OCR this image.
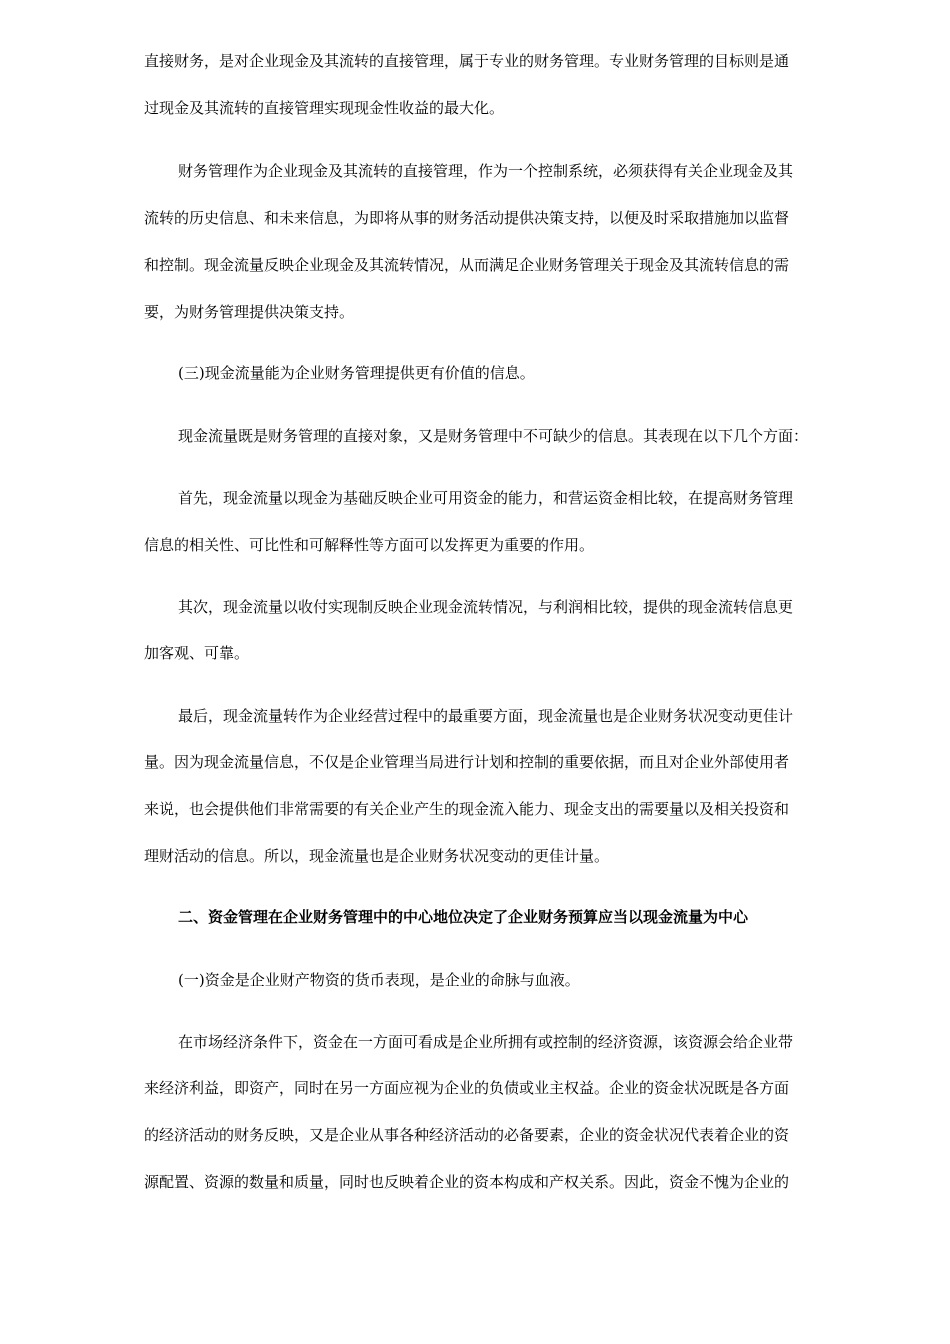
直接财务，是对企业现金及其流转的直接管理，属于专业的财务管理。专业财务管理的目标则是通
过现金及其流转的直接管理实现现金性收益的最大化。
财务管理作为企业现金及其流转的直接管理，作为一个控制系统，必须获得有关企业现金及其
流转的历史信息、和未来信息，为即将从事的财务活动提供决策支持，以便及时采取措施加以监督
和控制。现金流量反映企业现金及其流转情况，从而满足企业财务管理关于现金及其流转信息的需
要，为财务管理提供决策支持。
(三)现金流量能为企业财务管理提供更有价值的信息。
现金流量既是财务管理的直接对象，又是财务管理中不可缺少的信息。其表现在以下几个方面：
首先，现金流量以现金为基础反映企业可用资金的能力，和营运资金相比较，在提高财务管理
信息的相关性、可比性和可解释性等方面可以发挥更为重要的作用。
其次，现金流量以收付实现制反映企业现金流转情况，与利润相比较，提供的现金流转信息更
加客观、可靠。
最后，现金流量转作为企业经营过程中的最重要方面，现金流量也是企业财务状况变动更佳计
量。因为现金流量信息，不仅是企业管理当局进行计划和控制的重要依据，而且对企业外部使用者
来说，也会提供他们非常需要的有关企业产生的现金流入能力、现金支出的需要量以及相关投资和
理财活动的信息。所以，现金流量也是企业财务状况变动的更佳计量。
二、资金管理在企业财务管理中的中心地位决定了企业财务预算应当以现金流量为中心
(一)资金是企业财产物资的货币表现，是企业的命脉与血液。
在市场经济条件下，资金在一方面可看成是企业所拥有或控制的经济资源，该资源会给企业带
来经济利益，即资产，同时在另一方面应视为企业的负债或业主权益。企业的资金状况既是各方面
的经济活动的财务反映，又是企业从事各种经济活动的必备要素，企业的资金状况代表着企业的资
源配置、资源的数量和质量，同时也反映着企业的资本构成和产权关系。因此，资金不愧为企业的
